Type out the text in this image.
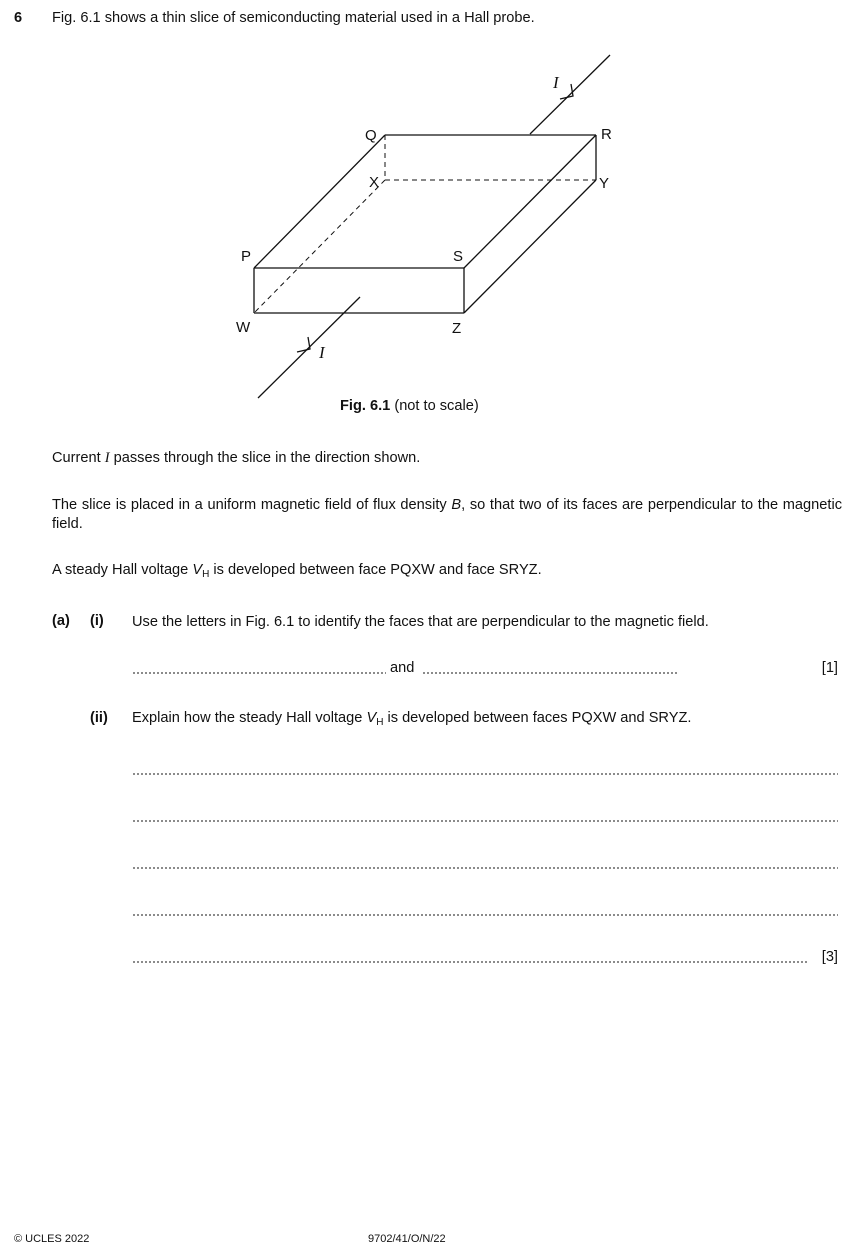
6 Fig. 6.1 shows a thin slice of semiconducting material used in a Hall probe.
Q	R
X	Y
P	S
W	Z
I
I
Fig. 6.1 (not to scale)
Current I passes through the slice in the direction shown.
The slice is placed in a uniform magnetic field of flux density B, so that two of its faces are perpendicular to the magnetic field.
A steady Hall voltage $V_H$ is developed between face PQXW and face SRYZ.
(a) (i) Use the letters in Fig. 6.1 to identify the faces that are perpendicular to the magnetic field.
and	[1]
(ii) Explain how the steady Hall voltage $V_H$ is developed between faces PQXW and SRYZ.
[3]
© UCLES 2022	9702/41/O/N/22
